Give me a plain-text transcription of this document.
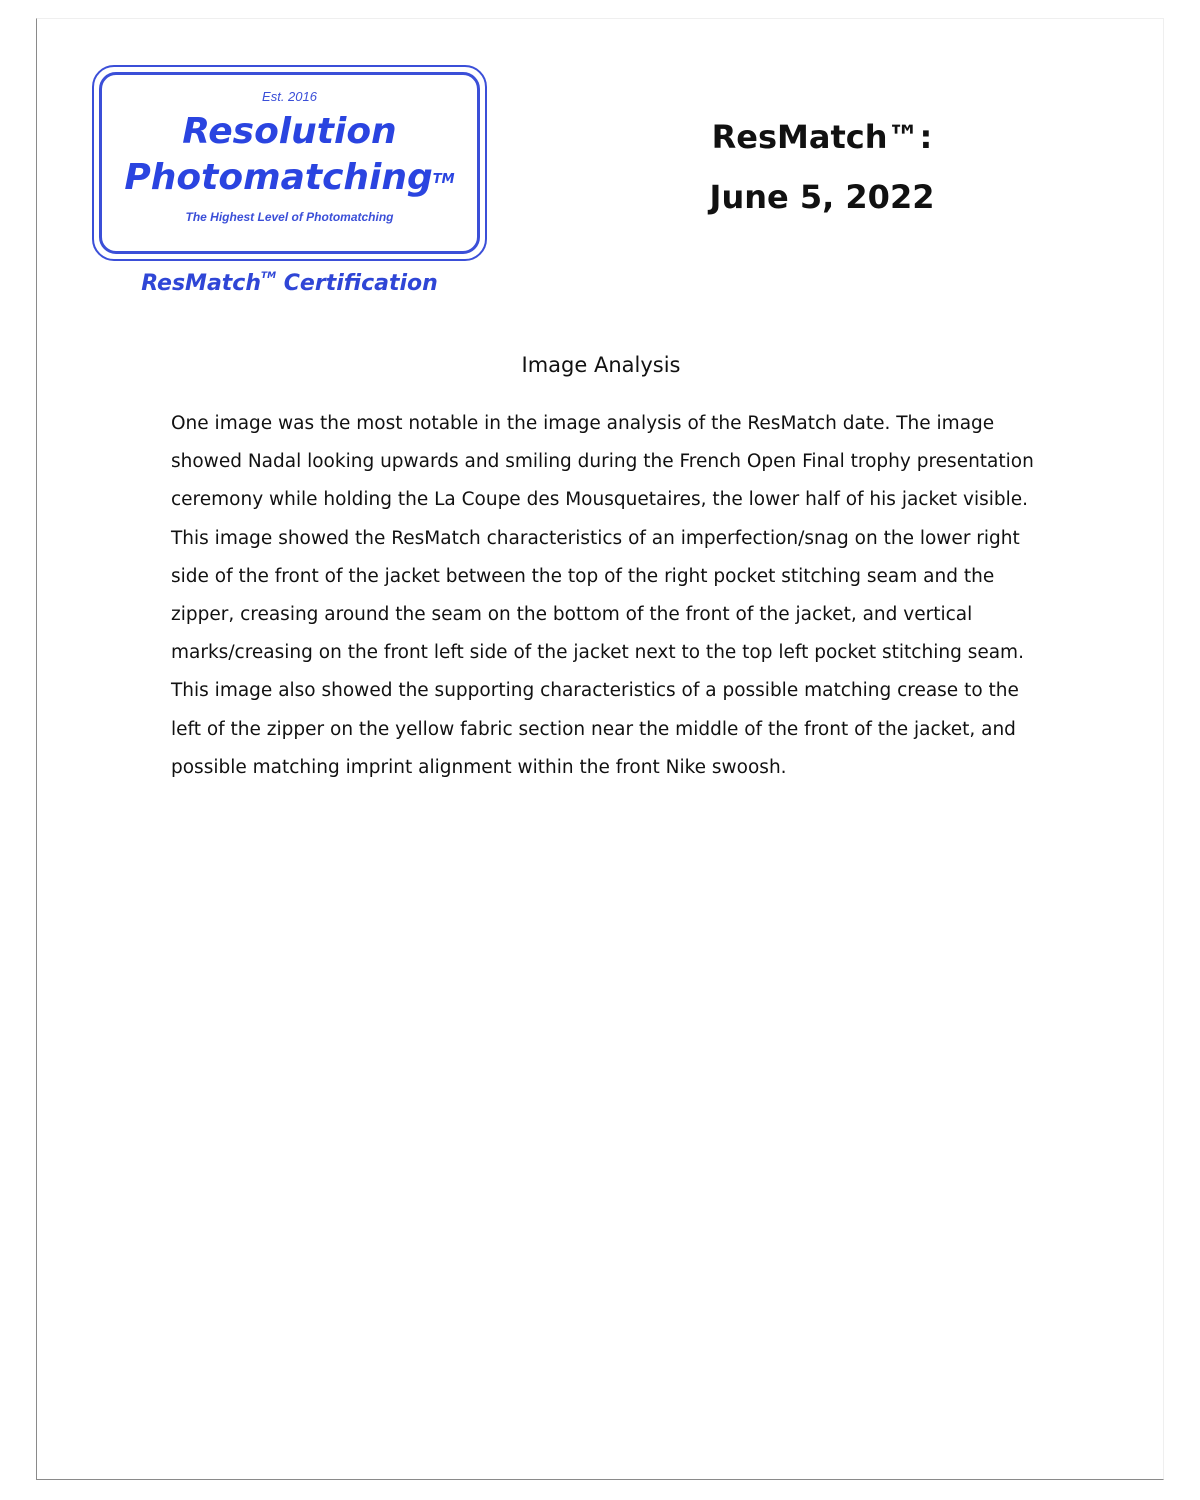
Est. 2016
Resolution
Photomatching™
The Highest Level of Photomatching
ResMatch™ Certification
ResMatch™:
June 5, 2022
Image Analysis

One image was the most notable in the image analysis of the ResMatch date. The image showed Nadal looking upwards and smiling during the French Open Final trophy presentation ceremony while holding the La Coupe des Mousquetaires, the lower half of his jacket visible. This image showed the ResMatch characteristics of an imperfection/snag on the lower right side of the front of the jacket between the top of the right pocket stitching seam and the zipper, creasing around the seam on the bottom of the front of the jacket, and vertical marks/creasing on the front left side of the jacket next to the top left pocket stitching seam. This image also showed the supporting characteristics of a possible matching crease to the left of the zipper on the yellow fabric section near the middle of the front of the jacket, and possible matching imprint alignment within the front Nike swoosh.
